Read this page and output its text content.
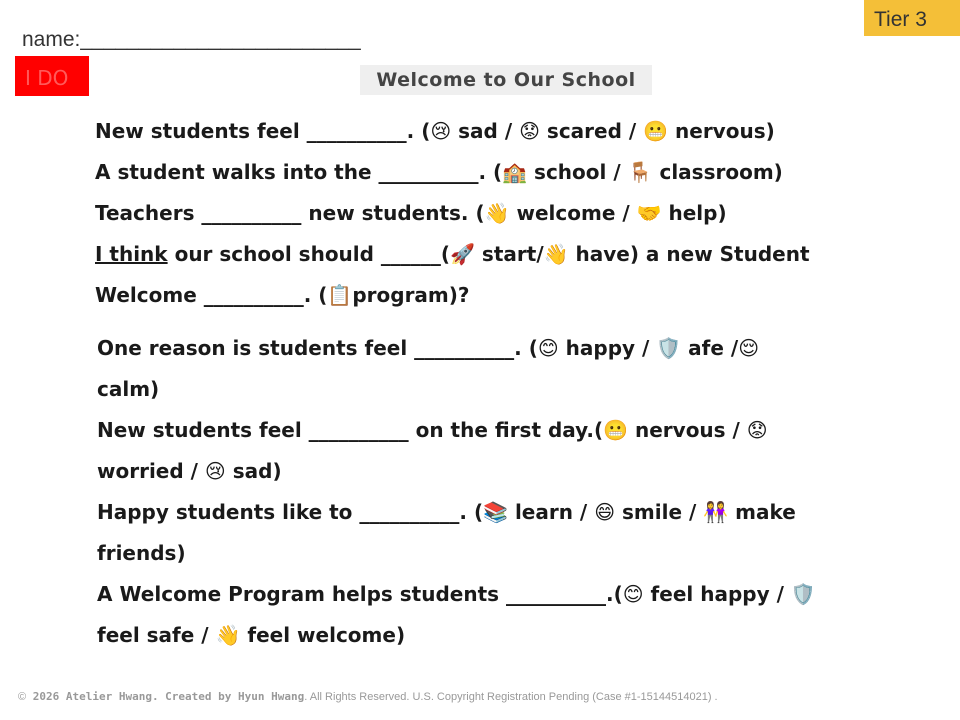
Tier 3
name:________________________
I DO	Welcome to Our School
New students feel __________. (😢 sad / 😟 scared / 😬 nervous)
A student walks into the __________. (🏫 school / 🪑 classroom)
Teachers __________ new students. (👋 welcome / 🤝 help)
I think our school should ______(🚀 start/👋 have) a new Student
Welcome __________. (📋program)?
One reason is students feel __________. (😊 happy / 🛡️ afe /😌
calm)
New students feel __________ on the first day.(😬 nervous / 😟
worried / 😢 sad)
Happy students like to __________. (📚 learn / 😄 smile / 👭 make
friends)
A Welcome Program helps students __________.(😊 feel happy / 🛡️
feel safe / 👋 feel welcome)
© 2026 Atelier Hwang. Created by Hyun Hwang. All Rights Reserved. U.S. Copyright Registration Pending (Case #1-15144514021) .
